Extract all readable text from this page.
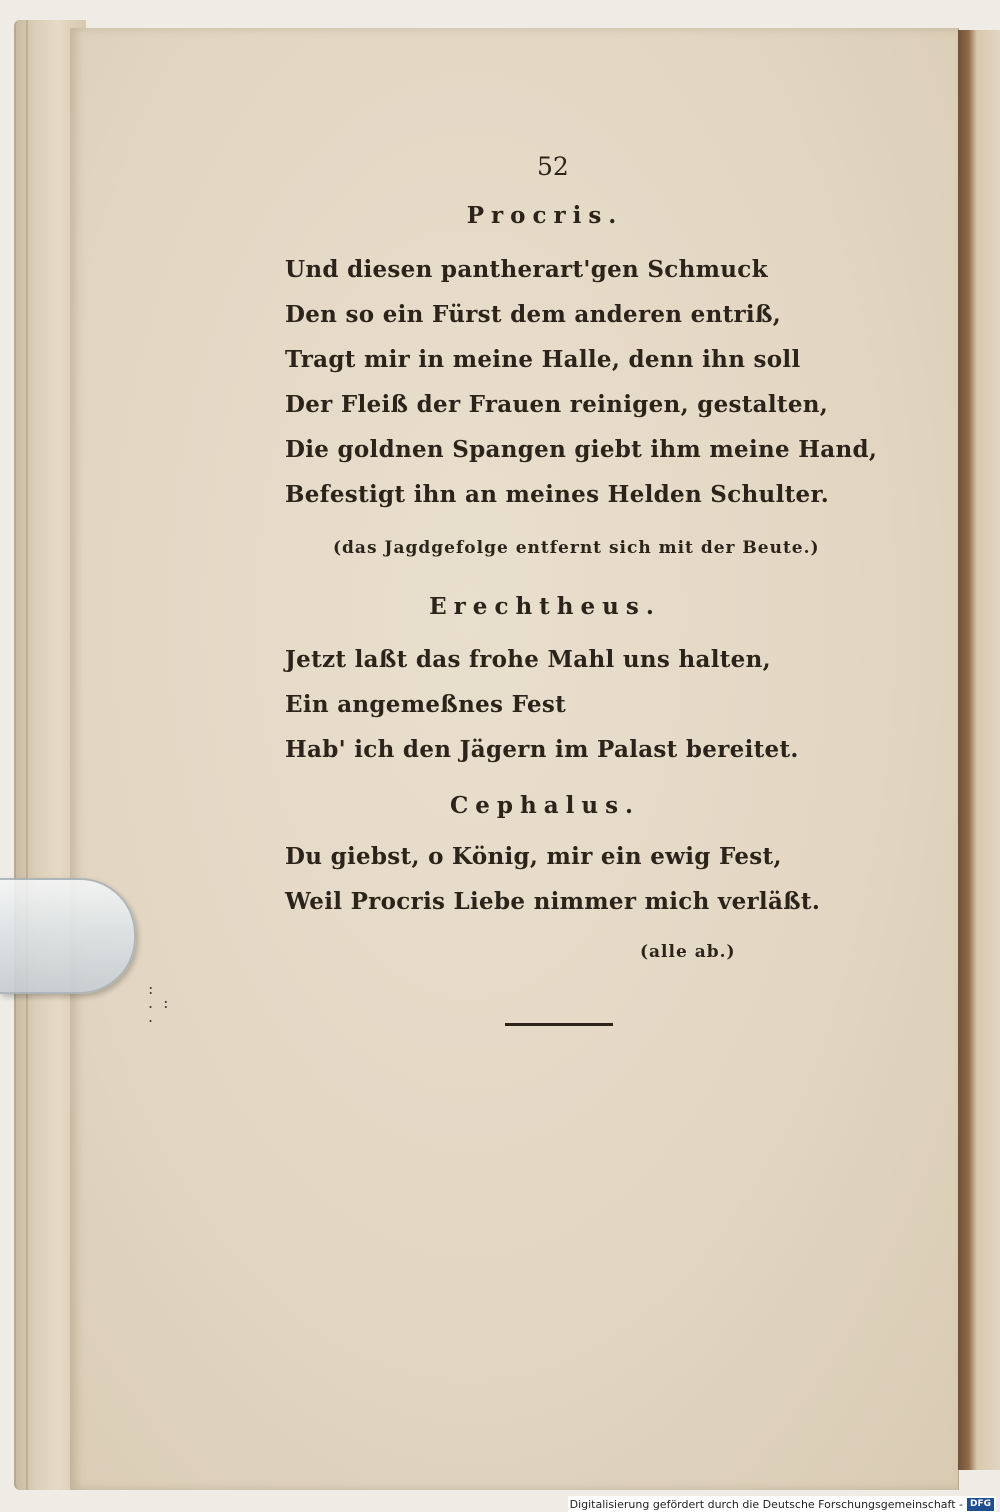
:
.:
.
52
Procris.
Und diesen pantherart'gen Schmuck
Den so ein Fürst dem anderen entriß,
Tragt mir in meine Halle, denn ihn soll
Der Fleiß der Frauen reinigen, gestalten,
Die goldnen Spangen giebt ihm meine Hand,
Befestigt ihn an meines Helden Schulter.
(das Jagdgefolge entfernt sich mit der Beute.)
Erechtheus.
Jetzt laßt das frohe Mahl uns halten,
Ein angemeßnes Fest
Hab' ich den Jägern im Palast bereitet.
Cephalus.
Du giebst, o König, mir ein ewig Fest,
Weil Procris Liebe nimmer mich verläßt.
(alle ab.)
Digitalisierung gefördert durch die Deutsche Forschungsgemeinschaft - DFG
